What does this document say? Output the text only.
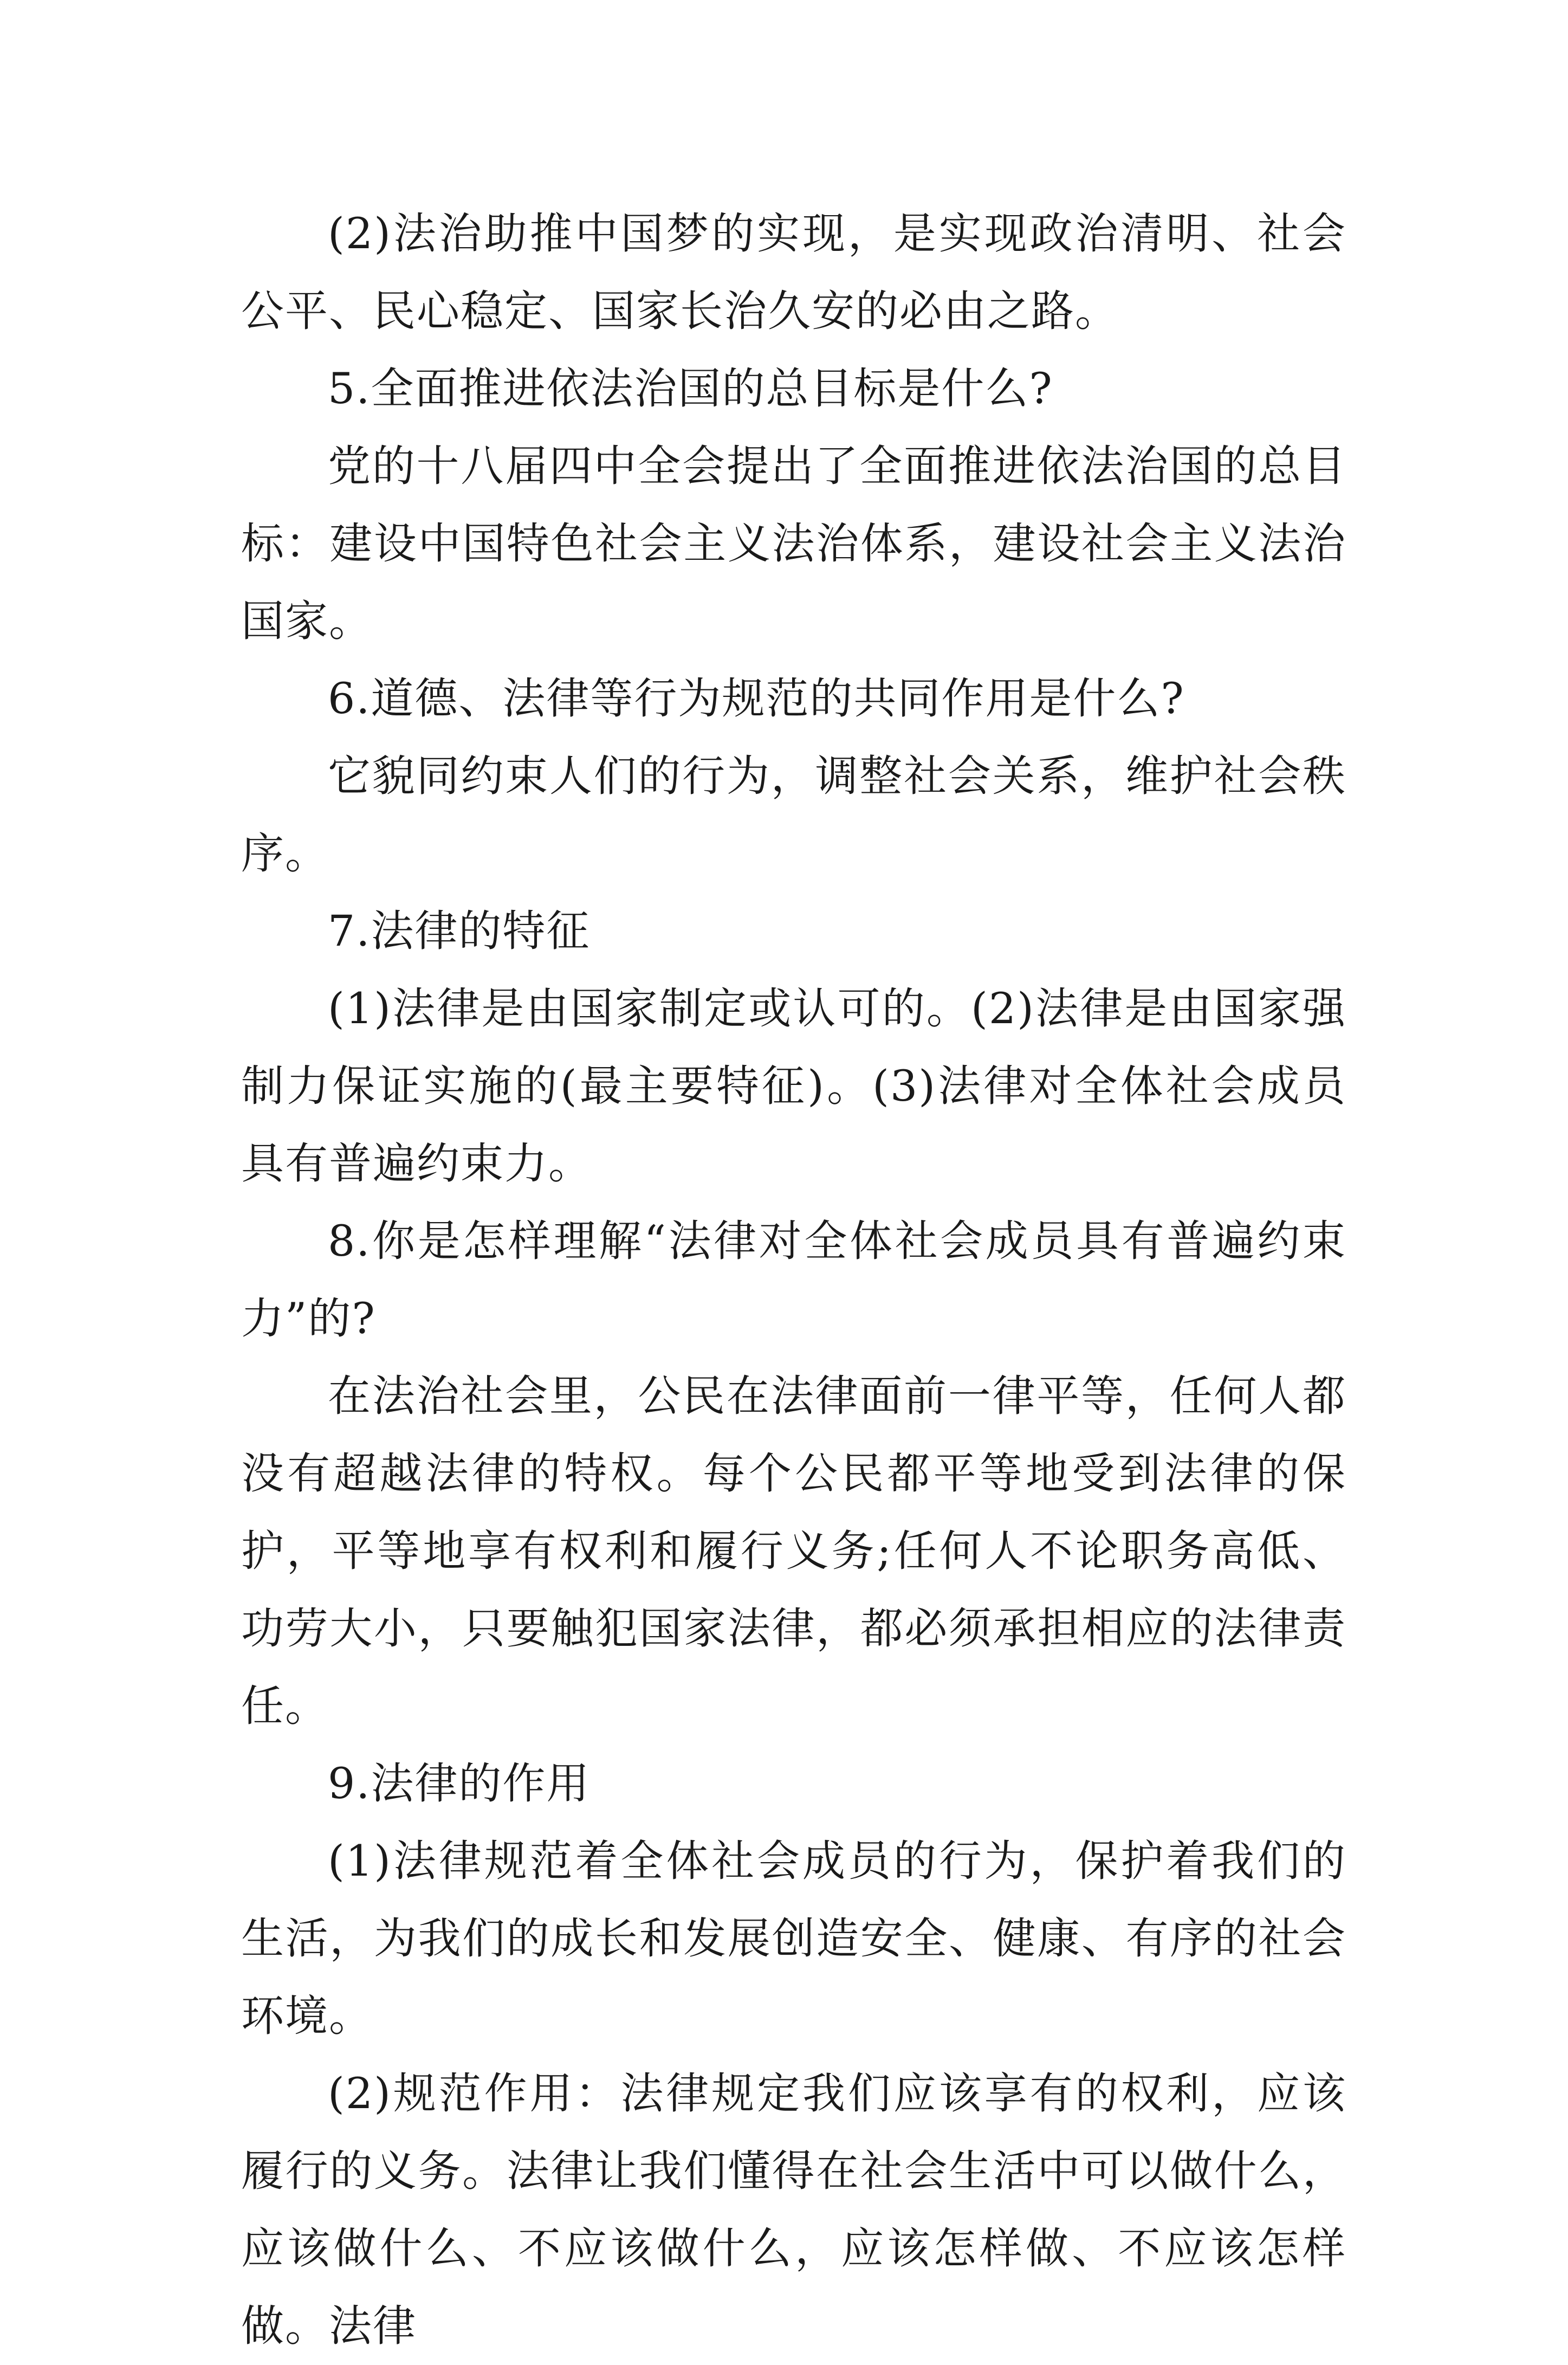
(2)法治助推中国梦的实现，是实现政治清明、社会公平、民心稳定、国家长治久安的必由之路。

5.全面推进依法治国的总目标是什么?

党的十八届四中全会提出了全面推进依法治国的总目标：建设中国特色社会主义法治体系，建设社会主义法治国家。

6.道德、法律等行为规范的共同作用是什么?

它貌同约束人们的行为，调整社会关系，维护社会秩序。

7.法律的特征

(1)法律是由国家制定或认可的。(2)法律是由国家强制力保证实施的(最主要特征)。(3)法律对全体社会成员具有普遍约束力。

8.你是怎样理解“法律对全体社会成员具有普遍约束力”的?

在法治社会里，公民在法律面前一律平等，任何人都没有超越法律的特权。每个公民都平等地受到法律的保护，平等地享有权利和履行义务;任何人不论职务高低、功劳大小，只要触犯国家法律，都必须承担相应的法律责任。

9.法律的作用

(1)法律规范着全体社会成员的行为，保护着我们的生活，为我们的成长和发展创造安全、健康、有序的社会环境。

(2)规范作用：法律规定我们应该享有的权利，应该履行的义务。法律让我们懂得在社会生活中可以做什么，应该做什么、不应该做什么，应该怎样做、不应该怎样做。法律
